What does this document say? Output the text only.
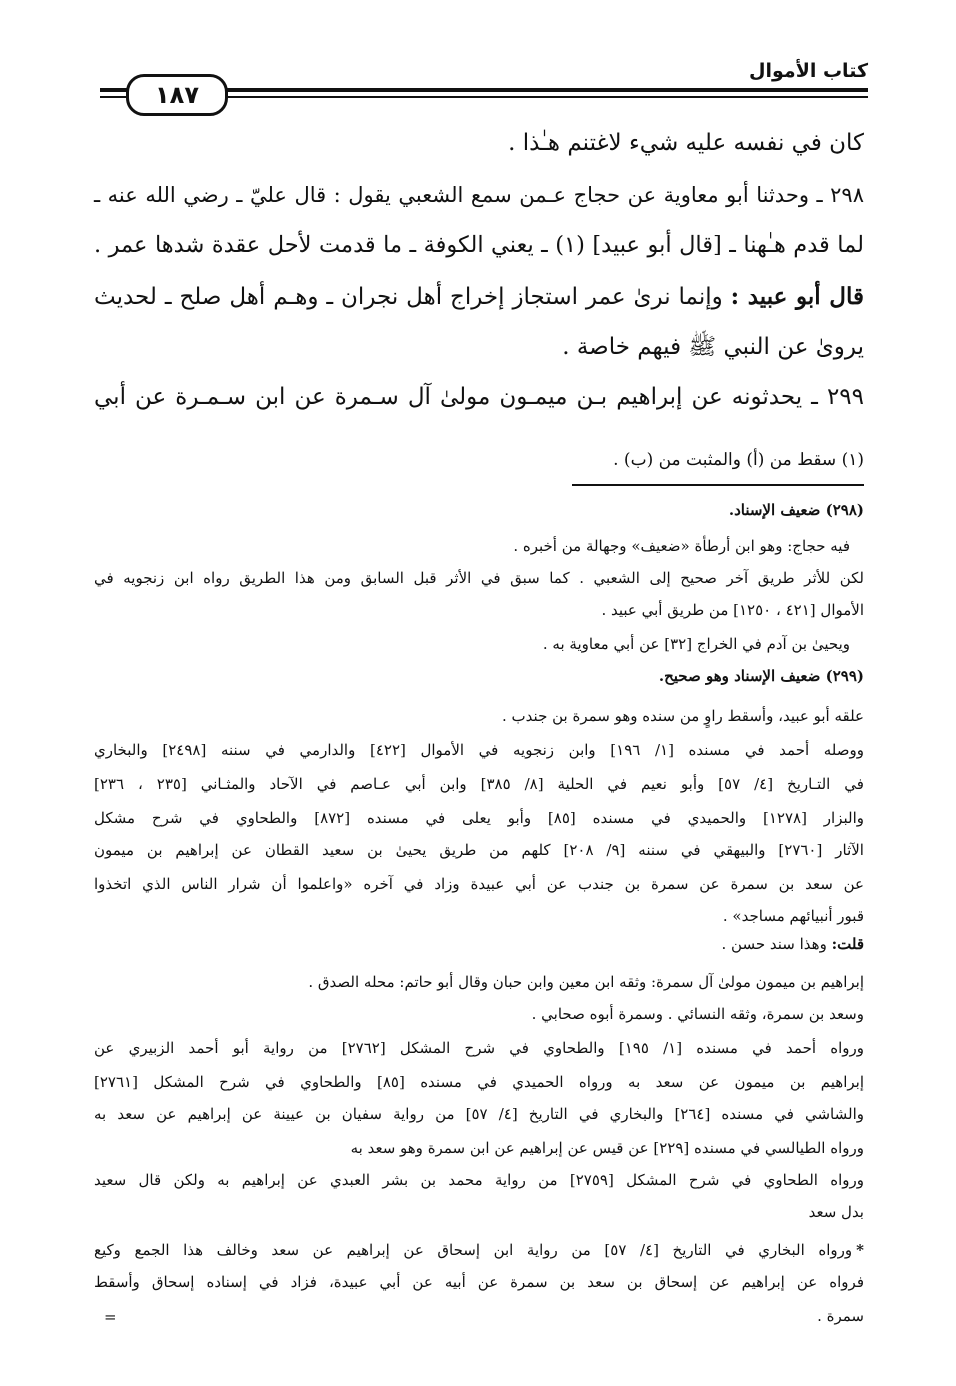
كتاب الأموال
١٨٧
كان في نفسه عليه شيء لاغتنم هـٰذا .
٢٩٨ ـ وحدثنا أبو معاوية عن حجاج عـمن سمع الشعبي يقول : قال عليّ ـ رضي الله عنه ـ
لما قدم هـٰهنا ـ [قال أبو عبيد] (١) ـ يعني الكوفة ـ ما قدمت لأحل عقدة شدها عمر .
قال أبو عبيد : وإنما نرىٰ عمر استجاز إخراج أهل نجران ـ وهـم أهل صلح ـ لحديث
يروىٰ عن النبي ﷺ فيهم خاصة .
٢٩٩ ـ يحدثونه عن إبراهيم بـن ميمـون مولىٰ آل سـمرة عن ابن سـمـرة عن أبي
(١) سقط من (أ) والمثبت من (ب) .
(٢٩٨) ضعيف الإسناد.
فيه حجاج: وهو ابن أرطأة «ضعيف» وجهالة من أخبره .
لكن للأثر طريق آخر صحيح إلى الشعبي . كما سبق في الأثر قبل السابق ومن هذا الطريق رواه ابن زنجويه في
الأموال [٤٢١ ، ١٢٥٠] من طريق أبي عبيد .
ويحيىٰ بن آدم في الخراج [٣٢] عن أبي معاوية به .
(٢٩٩) ضعيف الإسناد وهو صحيح.
علقه أبو عبيد، وأسقط راوٍ من سنده وهو سمرة بن جندب .
ووصله أحمد في مسنده [١/ ١٩٦] وابن زنجويه في الأموال [٤٢٢] والدارمي في سننه [٢٤٩٨] والبخاري
في التـاريخ [٤/ ٥٧] وأبو نعيم في الحلية [٨/ ٣٨٥] وابن أبي عـاصم في الآحاد والمثـاني [٢٣٥ ، ٢٣٦]
والبزار [١٢٧٨] والحميدي في مسنده [٨٥] وأبو يعلى في مسنده [٨٧٢] والطحاوي في شرح مشكل
الآثار [٢٧٦٠] والبيهقي في سننه [٩/ ٢٠٨] كلهم من طريق يحيىٰ بن سعيد القطان عن إبراهيم بن ميمون
عن سعد بن سمرة عن سمرة بن جندب عن أبي عبيدة وزاد في آخره «واعلموا أن شرار الناس الذي اتخذوا
قبور أنبيائهم مساجد» .
قلت: وهذا سند حسن .
إبراهيم بن ميمون مولىٰ آل سمرة: وثقه ابن معين وابن حبان وقال أبو حاتم: محله الصدق .
وسعد بن سمرة، وثقه النسائي . وسمرة أبوه صحابي .
ورواه أحمد في مسنده [١/ ١٩٥] والطحاوي في شرح المشكل [٢٧٦٢] من رواية أبو أحمد الزبيري عن
إبراهيم بن ميمون عن سعد به ورواه الحميدي في مسنده [٨٥] والطحاوي في شرح المشكل [٢٧٦١]
والشاشي في مسنده [٢٦٤] والبخاري في التاريخ [٤/ ٥٧] من رواية سفيان بن عيينة عن إبراهيم عن سعد به
ورواه الطيالسي في مسنده [٢٢٩] عن قيس عن إبراهيم عن ابن سمرة وهو سعد به
ورواه الطحاوي في شرح المشكل [٢٧٥٩] من رواية محمد بن بشر العبدي عن إبراهيم به ولكن قال سعيد
بدل سعد
*ورواه البخاري في التاريخ [٤/ ٥٧] من رواية ابن إسحاق عن إبراهيم عن سعد وخالف هذا الجمع وكيع
فرواه عن إبراهيم عن إسحاق بن سعد بن سمرة عن أبيه عن أبي عبيدة، فزاد في إسناده إسحاق وأسقط
سمرة .
=
